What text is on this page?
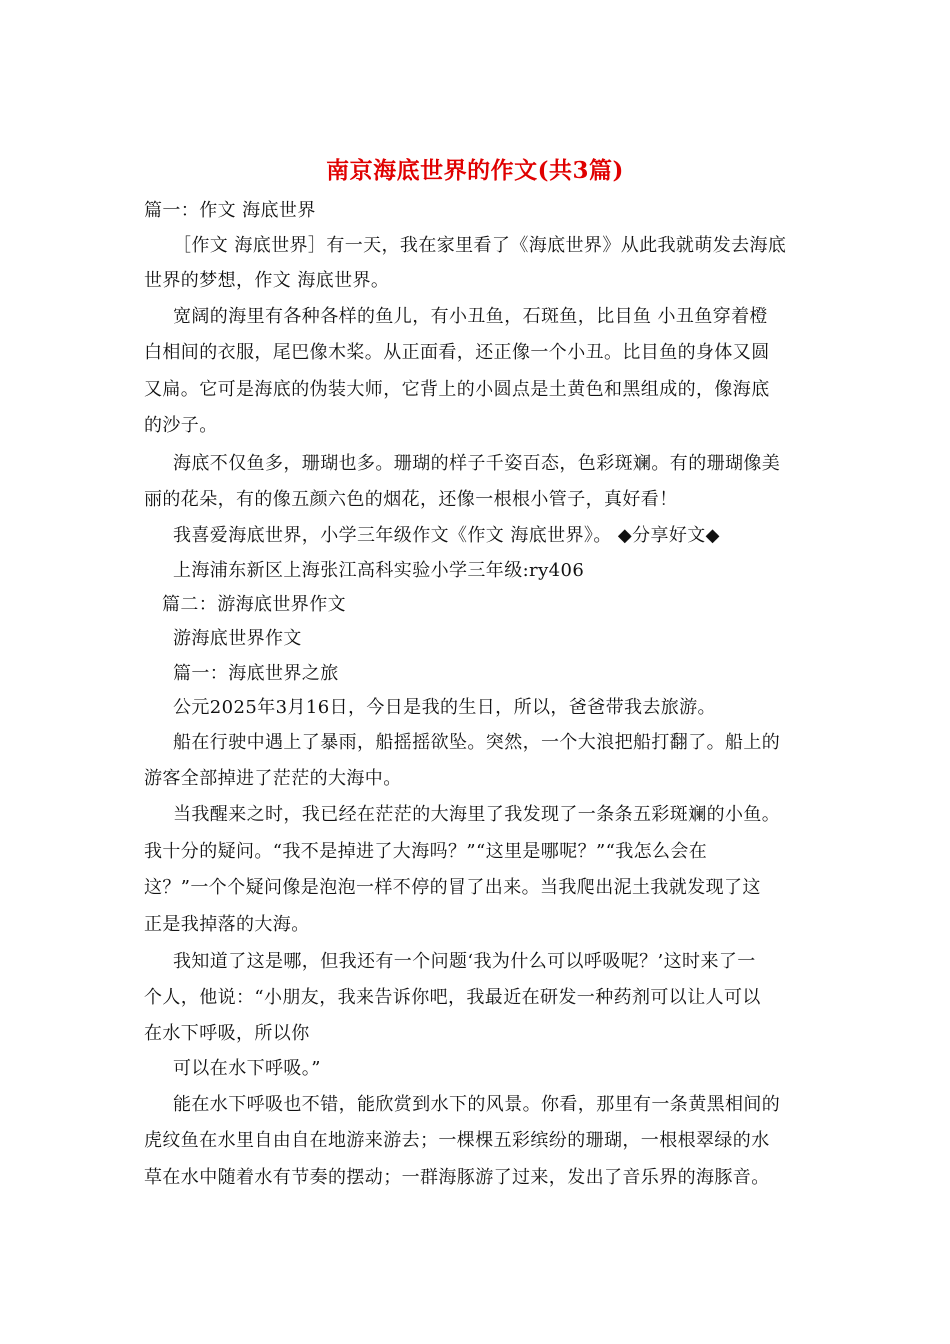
南京海底世界的作文(共3篇)
篇一：作文 海底世界
［作文 海底世界］有一天，我在家里看了《海底世界》从此我就萌发去海底
世界的梦想，作文 海底世界。
宽阔的海里有各种各样的鱼儿，有小丑鱼，石斑鱼，比目鱼 小丑鱼穿着橙
白相间的衣服，尾巴像木桨。从正面看，还正像一个小丑。比目鱼的身体又圆
又扁。它可是海底的伪装大师，它背上的小圆点是土黄色和黑组成的，像海底
的沙子。
海底不仅鱼多，珊瑚也多。珊瑚的样子千姿百态，色彩斑斓。有的珊瑚像美
丽的花朵，有的像五颜六色的烟花，还像一根根小管子，真好看！
我喜爱海底世界，小学三年级作文《作文 海底世界》。 ◆分享好文◆
上海浦东新区上海张江高科实验小学三年级:ry406
篇二：游海底世界作文
游海底世界作文
篇一：海底世界之旅
公元2025年3月16日，今日是我的生日，所以，爸爸带我去旅游。
船在行驶中遇上了暴雨，船摇摇欲坠。突然，一个大浪把船打翻了。船上的
游客全部掉进了茫茫的大海中。
当我醒来之时，我已经在茫茫的大海里了我发现了一条条五彩斑斓的小鱼。
我十分的疑问。“我不是掉进了大海吗？”“这里是哪呢？”“我怎么会在
这？”一个个疑问像是泡泡一样不停的冒了出来。当我爬出泥土我就发现了这
正是我掉落的大海。
我知道了这是哪，但我还有一个问题‘我为什么可以呼吸呢？’这时来了一
个人，他说：“小朋友，我来告诉你吧，我最近在研发一种药剂可以让人可以
在水下呼吸，所以你
可以在水下呼吸。”
能在水下呼吸也不错，能欣赏到水下的风景。你看，那里有一条黄黑相间的
虎纹鱼在水里自由自在地游来游去；一棵棵五彩缤纷的珊瑚，一根根翠绿的水
草在水中随着水有节奏的摆动；一群海豚游了过来，发出了音乐界的海豚音。
